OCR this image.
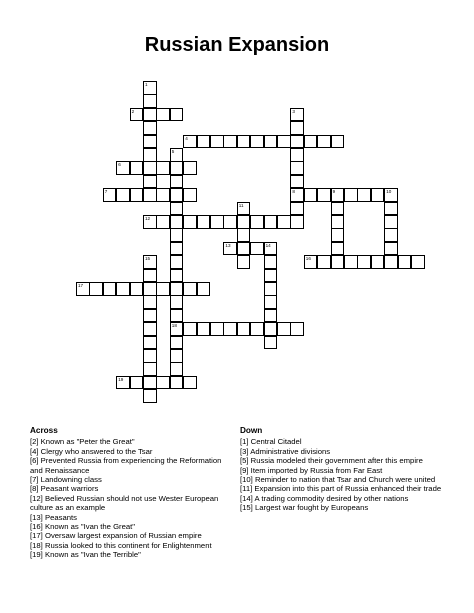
Russian Expansion
1
2	3
8
4
5
18
6
7	9	10
11
12
13	14
15	16
17
19
Across
[2] Known as "Peter the Great"
[4] Clergy who answered to the Tsar
[6] Prevented Russia from experiencing the Reformation and Renaissance
[7] Landowning class
[8] Peasant warriors
[12] Believed Russian should not use Wester European culture as an example
[13] Peasants
[16] Known as "Ivan the Great"
[17] Oversaw largest expansion of Russian empire
[18] Russia looked to this continent for Enlightenment
[19] Known as "Ivan the Terrible"
Down
[1] Central Citadel
[3] Administrative divisions
[5] Russia modeled their government after this empire
[9] Item imported by Russia from Far East
[10] Reminder to nation that Tsar and Church were united
[11] Expansion into this part of Russia enhanced their trade
[14] A trading commodity desired by other nations
[15] Largest war fought by Europeans
